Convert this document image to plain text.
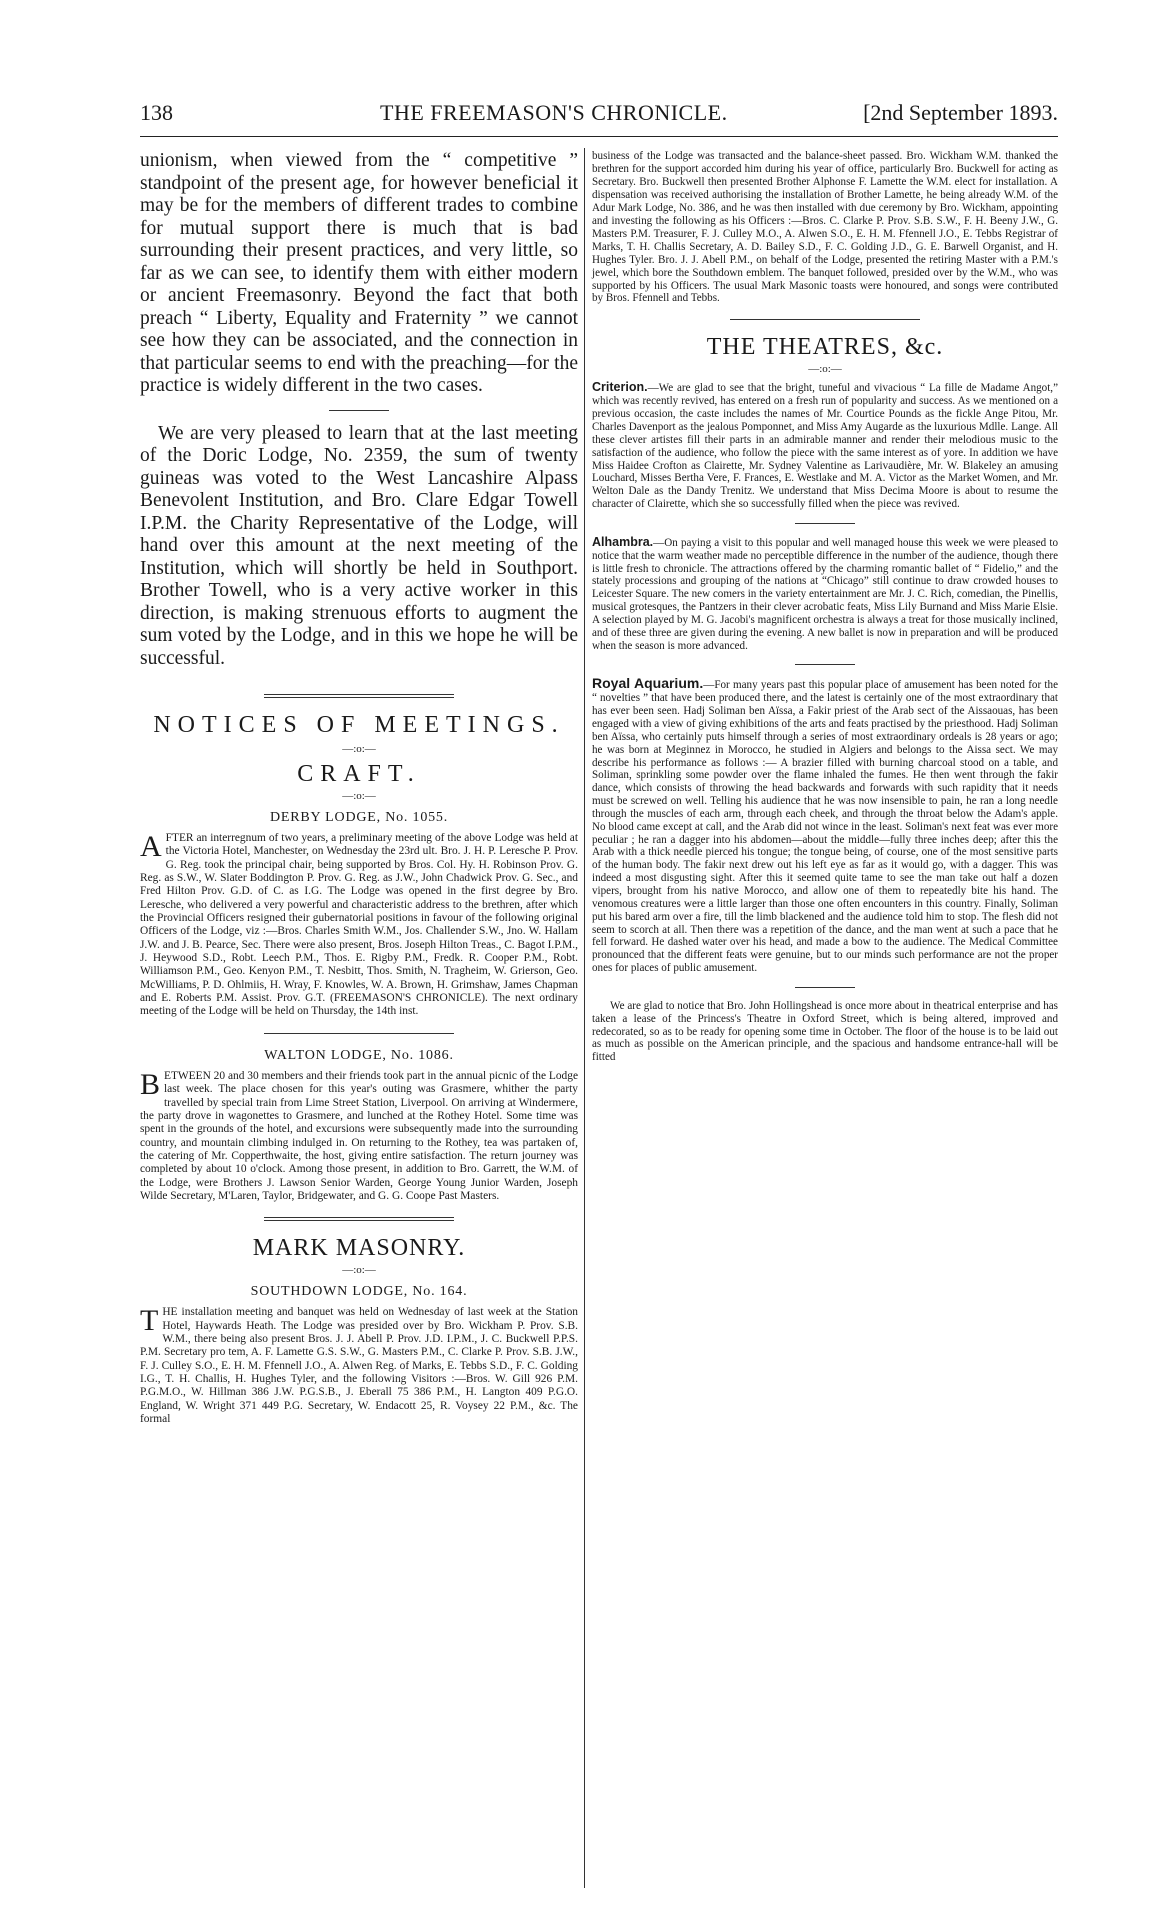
138	THE FREEMASON'S CHRONICLE.	[2nd September 1893.

unionism, when viewed from the “ competitive ” standpoint of the present age, for however beneficial it may be for the members of different trades to combine for mutual support there is much that is bad surrounding their present practices, and very little, so far as we can see, to identify them with either modern or ancient Freemasonry. Beyond the fact that both preach “ Liberty, Equality and Fraternity ” we cannot see how they can be associated, and the connection in that particular seems to end with the preaching—for the practice is widely different in the two cases.

We are very pleased to learn that at the last meeting of the Doric Lodge, No. 2359, the sum of twenty guineas was voted to the West Lancashire Alpass Benevolent Institution, and Bro. Clare Edgar Towell I.P.M. the Charity Representative of the Lodge, will hand over this amount at the next meeting of the Institution, which will shortly be held in Southport. Brother Towell, who is a very active worker in this direction, is making strenuous efforts to augment the sum voted by the Lodge, and in this we hope he will be successful.

NOTICES OF MEETINGS.
—:o:—
CRAFT.
—:o:—
DERBY LODGE, No. 1055.

AFTER an interregnum of two years, a preliminary meeting of the above Lodge was held at the Victoria Hotel, Manchester, on Wednesday the 23rd ult. Bro. J. H. P. Leresche P. Prov. G. Reg. took the principal chair, being supported by Bros. Col. Hy. H. Robinson Prov. G. Reg. as S.W., W. Slater Boddington P. Prov. G. Reg. as J.W., John Chadwick Prov. G. Sec., and Fred Hilton Prov. G.D. of C. as I.G. The Lodge was opened in the first degree by Bro. Leresche, who delivered a very powerful and characteristic address to the brethren, after which the Provincial Officers resigned their gubernatorial positions in favour of the following original Officers of the Lodge, viz :—Bros. Charles Smith W.M., Jos. Challender S.W., Jno. W. Hallam J.W. and J. B. Pearce, Sec. There were also present, Bros. Joseph Hilton Treas., C. Bagot I.P.M., J. Heywood S.D., Robt. Leech P.M., Thos. E. Rigby P.M., Fredk. R. Cooper P.M., Robt. Williamson P.M., Geo. Kenyon P.M., T. Nesbitt, Thos. Smith, N. Tragheim, W. Grierson, Geo. McWilliams, P. D. Ohlmiis, H. Wray, F. Knowles, W. A. Brown, H. Grimshaw, James Chapman and E. Roberts P.M. Assist. Prov. G.T. (FREEMASON'S CHRONICLE). The next ordinary meeting of the Lodge will be held on Thursday, the 14th inst.

WALTON LODGE, No. 1086.

BETWEEN 20 and 30 members and their friends took part in the annual picnic of the Lodge last week. The place chosen for this year's outing was Grasmere, whither the party travelled by special train from Lime Street Station, Liverpool. On arriving at Windermere, the party drove in wagonettes to Grasmere, and lunched at the Rothey Hotel. Some time was spent in the grounds of the hotel, and excursions were subsequently made into the surrounding country, and mountain climbing indulged in. On returning to the Rothey, tea was partaken of, the catering of Mr. Copperthwaite, the host, giving entire satisfaction. The return journey was completed by about 10 o'clock. Among those present, in addition to Bro. Garrett, the W.M. of the Lodge, were Brothers J. Lawson Senior Warden, George Young Junior Warden, Joseph Wilde Secretary, M'Laren, Taylor, Bridgewater, and G. G. Coope Past Masters.

MARK MASONRY.
—:o:—
SOUTHDOWN LODGE, No. 164.

THE installation meeting and banquet was held on Wednesday of last week at the Station Hotel, Haywards Heath. The Lodge was presided over by Bro. Wickham P. Prov. S.B. W.M., there being also present Bros. J. J. Abell P. Prov. J.D. I.P.M., J. C. Buckwell P.P.S. P.M. Secretary pro tem, A. F. Lamette G.S. S.W., G. Masters P.M., C. Clarke P. Prov. S.B. J.W., F. J. Culley S.O., E. H. M. Ffennell J.O., A. Alwen Reg. of Marks, E. Tebbs S.D., F. C. Golding I.G., T. H. Challis, H. Hughes Tyler, and the following Visitors :—Bros. W. Gill 926 P.M. P.G.M.O., W. Hillman 386 J.W. P.G.S.B., J. Eberall 75 386 P.M., H. Langton 409 P.G.O. England, W. Wright 371 449 P.G. Secretary, W. Endacott 25, R. Voysey 22 P.M., &c. The formal

business of the Lodge was transacted and the balance-sheet passed. Bro. Wickham W.M. thanked the brethren for the support accorded him during his year of office, particularly Bro. Buckwell for acting as Secretary. Bro. Buckwell then presented Brother Alphonse F. Lamette the W.M. elect for installation. A dispensation was received authorising the installation of Brother Lamette, he being already W.M. of the Adur Mark Lodge, No. 386, and he was then installed with due ceremony by Bro. Wickham, appointing and investing the following as his Officers :—Bros. C. Clarke P. Prov. S.B. S.W., F. H. Beeny J.W., G. Masters P.M. Treasurer, F. J. Culley M.O., A. Alwen S.O., E. H. M. Ffennell J.O., E. Tebbs Registrar of Marks, T. H. Challis Secretary, A. D. Bailey S.D., F. C. Golding J.D., G. E. Barwell Organist, and H. Hughes Tyler. Bro. J. J. Abell P.M., on behalf of the Lodge, presented the retiring Master with a P.M.'s jewel, which bore the Southdown emblem. The banquet followed, presided over by the W.M., who was supported by his Officers. The usual Mark Masonic toasts were honoured, and songs were contributed by Bros. Ffennell and Tebbs.

THE THEATRES, &c.
—:o:—

Criterion.—We are glad to see that the bright, tuneful and vivacious “ La fille de Madame Angot,” which was recently revived, has entered on a fresh run of popularity and success. As we mentioned on a previous occasion, the caste includes the names of Mr. Courtice Pounds as the fickle Ange Pitou, Mr. Charles Davenport as the jealous Pomponnet, and Miss Amy Augarde as the luxurious Mdlle. Lange. All these clever artistes fill their parts in an admirable manner and render their melodious music to the satisfaction of the audience, who follow the piece with the same interest as of yore. In addition we have Miss Haidee Crofton as Clairette, Mr. Sydney Valentine as Larivaudière, Mr. W. Blakeley an amusing Louchard, Misses Bertha Vere, F. Frances, E. Westlake and M. A. Victor as the Market Women, and Mr. Welton Dale as the Dandy Trenitz. We understand that Miss Decima Moore is about to resume the character of Clairette, which she so successfully filled when the piece was revived.

Alhambra.—On paying a visit to this popular and well managed house this week we were pleased to notice that the warm weather made no perceptible difference in the number of the audience, though there is little fresh to chronicle. The attractions offered by the charming romantic ballet of “ Fidelio,” and the stately processions and grouping of the nations at “Chicago” still continue to draw crowded houses to Leicester Square. The new comers in the variety entertainment are Mr. J. C. Rich, comedian, the Pinellis, musical grotesques, the Pantzers in their clever acrobatic feats, Miss Lily Burnand and Miss Marie Elsie. A selection played by M. G. Jacobi's magnificent orchestra is always a treat for those musically inclined, and of these three are given during the evening. A new ballet is now in preparation and will be produced when the season is more advanced.

Royal Aquarium.—For many years past this popular place of amusement has been noted for the “ novelties ” that have been produced there, and the latest is certainly one of the most extraordinary that has ever been seen. Hadj Soliman ben Aïssa, a Fakir priest of the Arab sect of the Aissaouas, has been engaged with a view of giving exhibitions of the arts and feats practised by the priesthood. Hadj Soliman ben Aïssa, who certainly puts himself through a series of most extraordinary ordeals is 28 years or ago; he was born at Meginnez in Morocco, he studied in Algiers and belongs to the Aissa sect. We may describe his performance as follows :— A brazier filled with burning charcoal stood on a table, and Soliman, sprinkling some powder over the flame inhaled the fumes. He then went through the fakir dance, which consists of throwing the head backwards and forwards with such rapidity that it needs must be screwed on well. Telling his audience that he was now insensible to pain, he ran a long needle through the muscles of each arm, through each cheek, and through the throat below the Adam's apple. No blood came except at call, and the Arab did not wince in the least. Soliman's next feat was ever more peculiar ; he ran a dagger into his abdomen—about the middle—fully three inches deep; after this the Arab with a thick needle pierced his tongue; the tongue being, of course, one of the most sensitive parts of the human body. The fakir next drew out his left eye as far as it would go, with a dagger. This was indeed a most disgusting sight. After this it seemed quite tame to see the man take out half a dozen vipers, brought from his native Morocco, and allow one of them to repeatedly bite his hand. The venomous creatures were a little larger than those one often encounters in this country. Finally, Soliman put his bared arm over a fire, till the limb blackened and the audience told him to stop. The flesh did not seem to scorch at all. Then there was a repetition of the dance, and the man went at such a pace that he fell forward. He dashed water over his head, and made a bow to the audience. The Medical Committee pronounced that the different feats were genuine, but to our minds such performance are not the proper ones for places of public amusement.

We are glad to notice that Bro. John Hollingshead is once more about in theatrical enterprise and has taken a lease of the Princess's Theatre in Oxford Street, which is being altered, improved and redecorated, so as to be ready for opening some time in October. The floor of the house is to be laid out as much as possible on the American principle, and the spacious and handsome entrance-hall will be fitted
